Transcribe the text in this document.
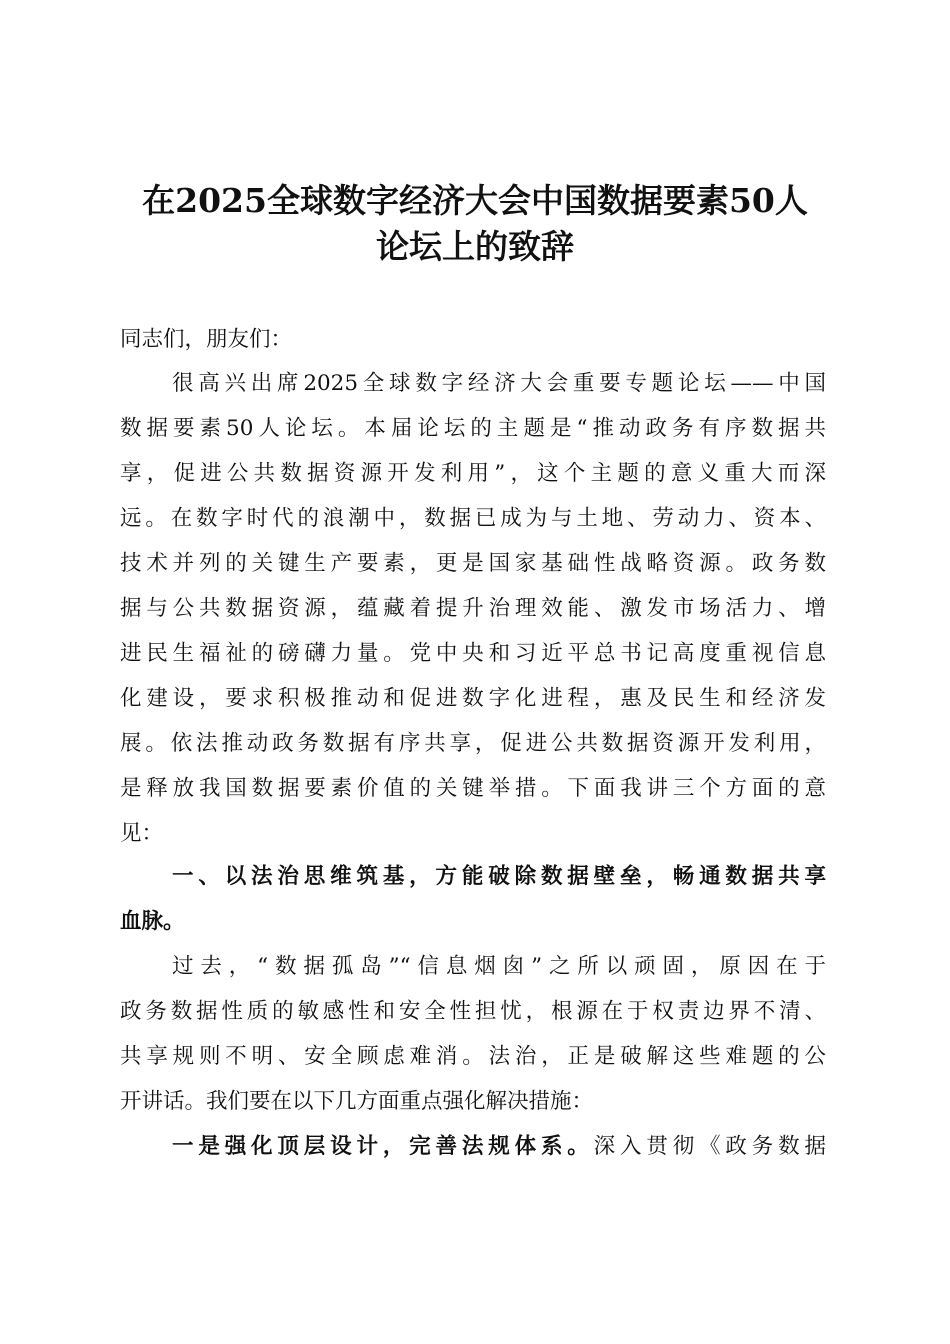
在2025全球数字经济大会中国数据要素50人
论坛上的致辞
同志们，朋友们：
很高兴出席2025全球数字经济大会重要专题论坛——中国
数据要素50人论坛。本届论坛的主题是“推动政务有序数据共
享，促进公共数据资源开发利用”，这个主题的意义重大而深
远。在数字时代的浪潮中，数据已成为与土地、劳动力、资本、
技术并列的关键生产要素，更是国家基础性战略资源。政务数
据与公共数据资源，蕴藏着提升治理效能、激发市场活力、增
进民生福祉的磅礴力量。党中央和习近平总书记高度重视信息
化建设，要求积极推动和促进数字化进程，惠及民生和经济发
展。依法推动政务数据有序共享，促进公共数据资源开发利用，
是释放我国数据要素价值的关键举措。下面我讲三个方面的意
见：
一、以法治思维筑基，方能破除数据壁垒，畅通数据共享
血脉。
过去，“数据孤岛”“信息烟囱”之所以顽固，原因在于
政务数据性质的敏感性和安全性担忧，根源在于权责边界不清、
共享规则不明、安全顾虑难消。法治，正是破解这些难题的公
开讲话。我们要在以下几方面重点强化解决措施：
一是强化顶层设计，完善法规体系。深入贯彻《政务数据
